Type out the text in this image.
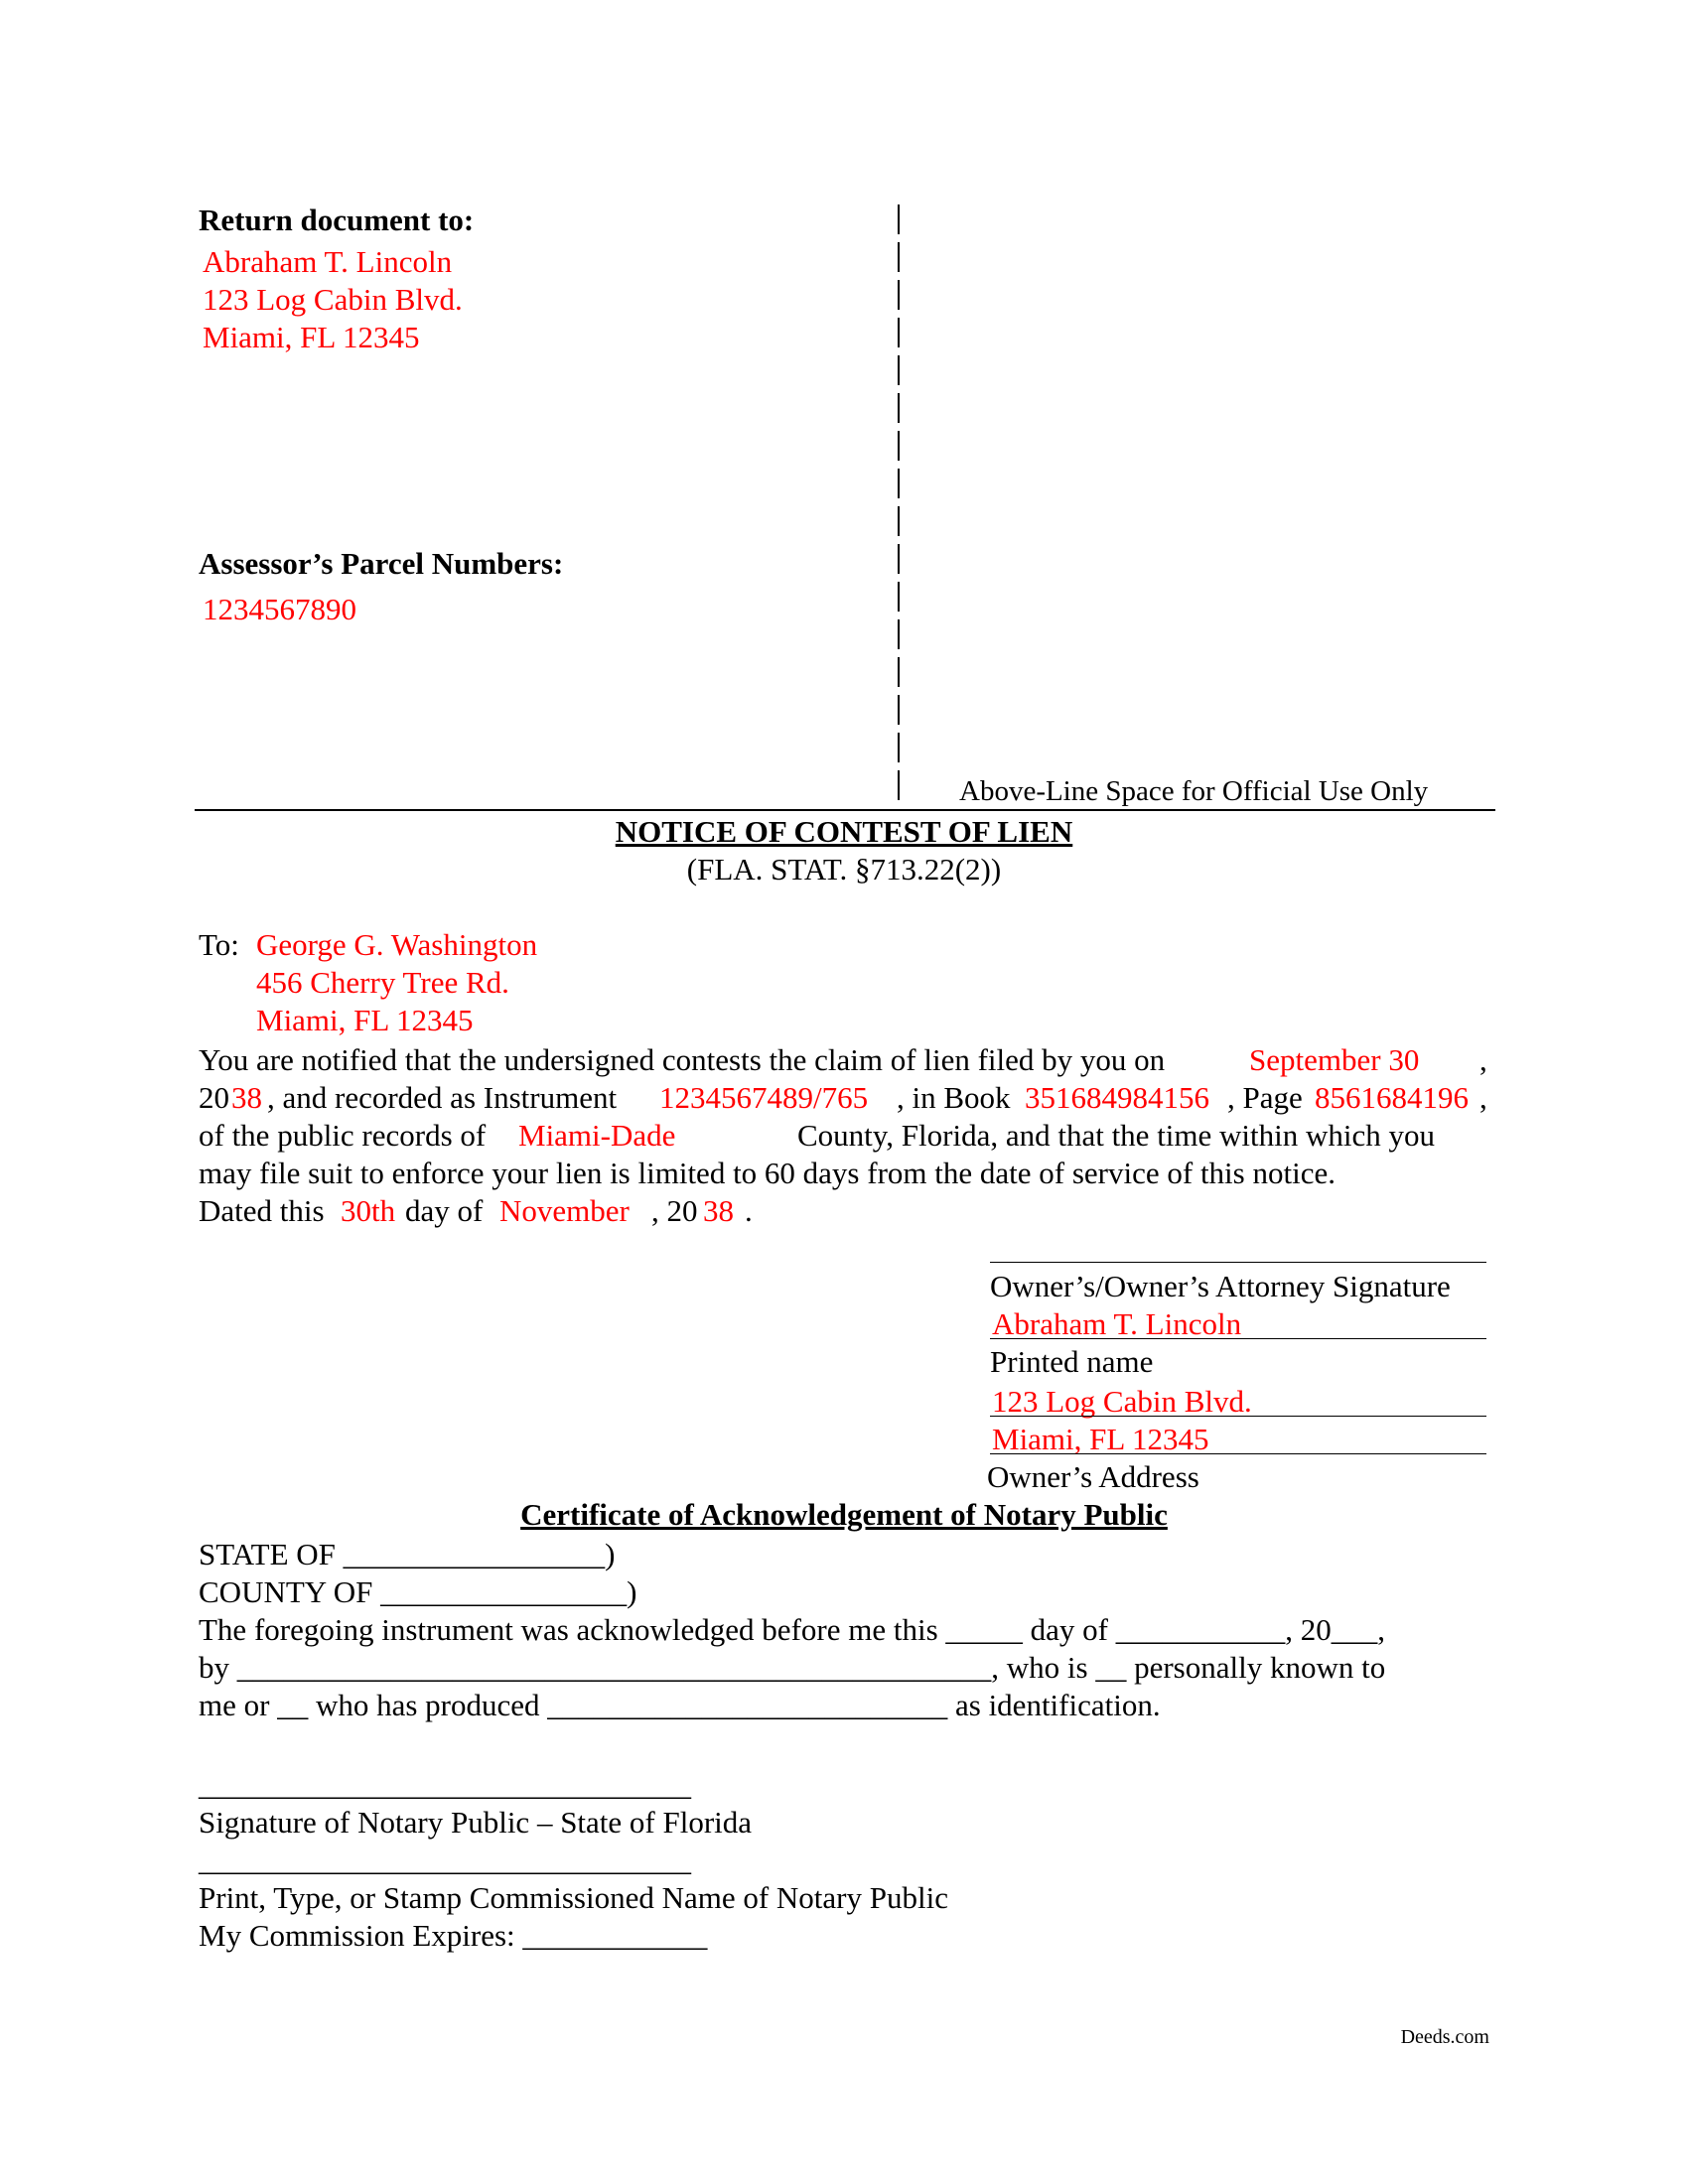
Return document to:
Abraham T. Lincoln
123 Log Cabin Blvd.
Miami, FL 12345
Assessor’s Parcel Numbers:
1234567890
Above-Line Space for Official Use Only
NOTICE OF CONTEST OF LIEN
(FLA. STAT. §713.22(2))
To: George G. Washington
456 Cherry Tree Rd.
Miami, FL 12345
You are notified that the undersigned contests the claim of lien filed by you on	September 30 ,
20 38 , and recorded as Instrument 1234567489/765 , in Book 351684984156 , Page 8561684196 ,
of the public records of Miami-Dade	County, Florida, and that the time within which you
may file suit to enforce your lien is limited to 60 days from the date of service of this notice.
Dated this 30th day of November , 20 38 .
Owner’s/Owner’s Attorney Signature
Abraham T. Lincoln
Printed name
123 Log Cabin Blvd.
Miami, FL 12345
Owner’s Address
Certificate of Acknowledgement of Notary Public
STATE OF _________________)
COUNTY OF ________________)
The foregoing instrument was acknowledged before me this _____ day of ___________, 20___,
by _________________________________________________, who is __ personally known to
me or __ who has produced __________________________ as identification.
________________________________
Signature of Notary Public – State of Florida
________________________________
Print, Type, or Stamp Commissioned Name of Notary Public
My Commission Expires: ____________
Deeds.com
